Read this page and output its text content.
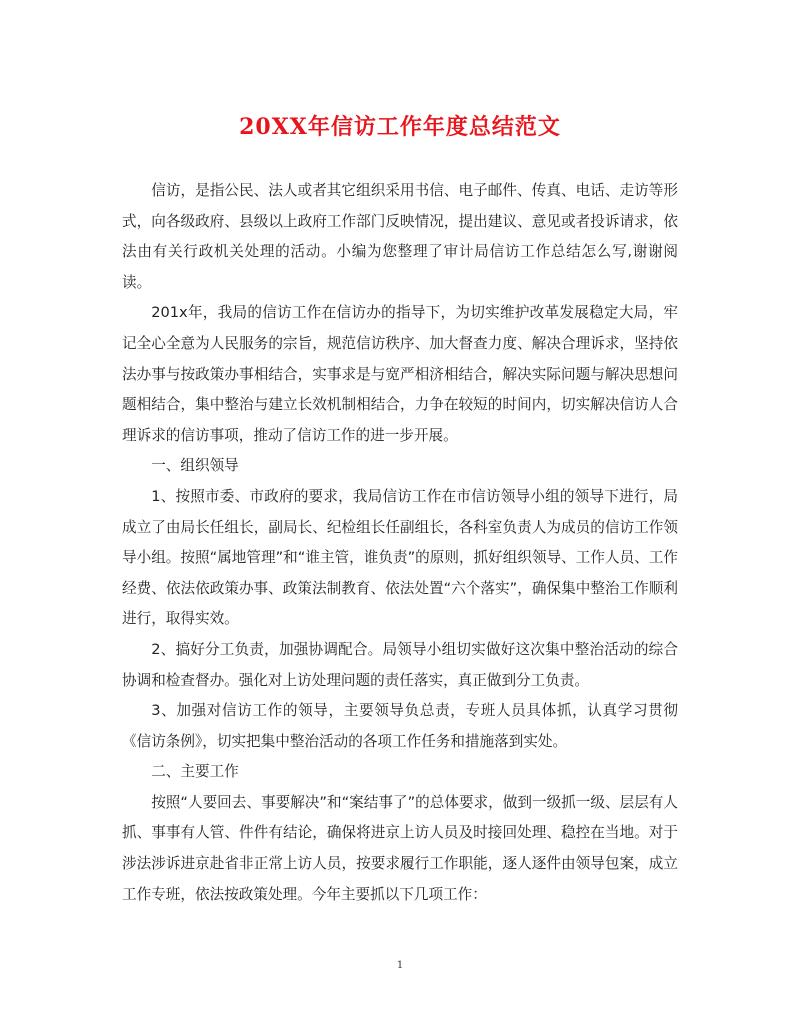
20XX年信访工作年度总结范文

信访，是指公民、法人或者其它组织采用书信、电子邮件、传真、电话、走访等形式，向各级政府、县级以上政府工作部门反映情况，提出建议、意见或者投诉请求，依法由有关行政机关处理的活动。小编为您整理了审计局信访工作总结怎么写,谢谢阅读。

201x年，我局的信访工作在信访办的指导下，为切实维护改革发展稳定大局，牢记全心全意为人民服务的宗旨，规范信访秩序、加大督查力度、解决合理诉求，坚持依法办事与按政策办事相结合，实事求是与宽严相济相结合，解决实际问题与解决思想问题相结合，集中整治与建立长效机制相结合，力争在较短的时间内，切实解决信访人合理诉求的信访事项，推动了信访工作的进一步开展。

一、组织领导

1、按照市委、市政府的要求，我局信访工作在市信访领导小组的领导下进行，局成立了由局长任组长，副局长、纪检组长任副组长，各科室负责人为成员的信访工作领导小组。按照“属地管理”和“谁主管，谁负责”的原则，抓好组织领导、工作人员、工作经费、依法依政策办事、政策法制教育、依法处置“六个落实”，确保集中整治工作顺利进行，取得实效。

2、搞好分工负责，加强协调配合。局领导小组切实做好这次集中整治活动的综合协调和检查督办。强化对上访处理问题的责任落实，真正做到分工负责。

3、加强对信访工作的领导，主要领导负总责，专班人员具体抓，认真学习贯彻《信访条例》，切实把集中整治活动的各项工作任务和措施落到实处。

二、主要工作

按照“人要回去、事要解决”和“案结事了”的总体要求，做到一级抓一级、层层有人抓、事事有人管、件件有结论，确保将进京上访人员及时接回处理、稳控在当地。对于涉法涉诉进京赴省非正常上访人员，按要求履行工作职能，逐人逐件由领导包案，成立工作专班，依法按政策处理。今年主要抓以下几项工作：

1
